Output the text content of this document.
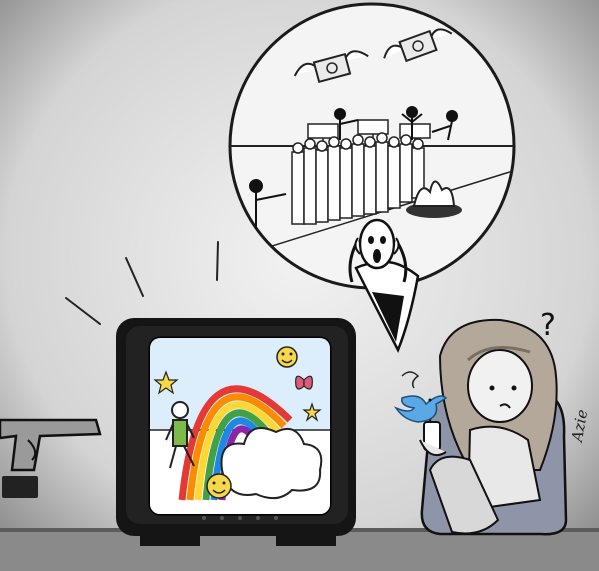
?
Azie
